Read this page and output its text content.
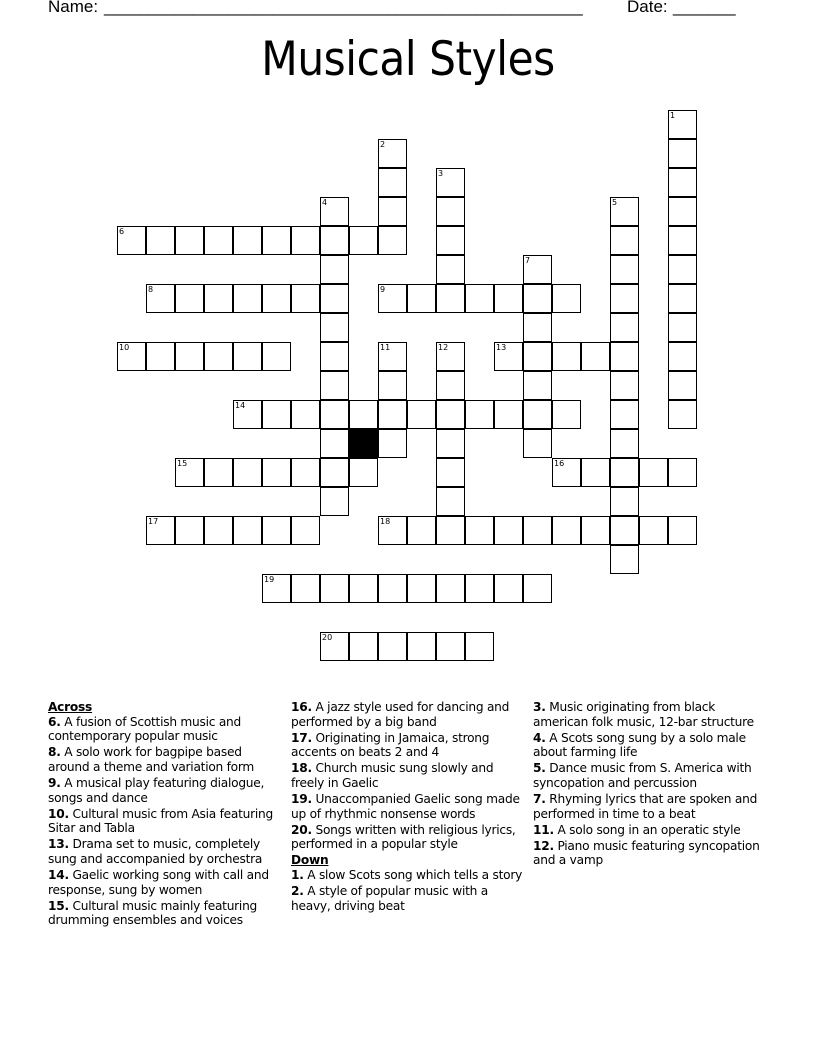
Name: ______________________________________________________	Date: _______
Musical Styles
1
2
3
4	5
6
7
8	9
10	11	12	13
14
15	16
17	18
19
20
Across
6. A fusion of Scottish music and contemporary popular music
8. A solo work for bagpipe based around a theme and variation form
9. A musical play featuring dialogue, songs and dance
10. Cultural music from Asia featuring Sitar and Tabla
13. Drama set to music, completely sung and accompanied by orchestra
14. Gaelic working song with call and response, sung by women
15. Cultural music mainly featuring drumming ensembles and voices
16. A jazz style used for dancing and performed by a big band
17. Originating in Jamaica, strong accents on beats 2 and 4
18. Church music sung slowly and freely in Gaelic
19. Unaccompanied Gaelic song made up of rhythmic nonsense words
20. Songs written with religious lyrics, performed in a popular style
Down
1. A slow Scots song which tells a story
2. A style of popular music with a heavy, driving beat
3. Music originating from black american folk music, 12-bar structure
4. A Scots song sung by a solo male about farming life
5. Dance music from S. America with syncopation and percussion
7. Rhyming lyrics that are spoken and performed in time to a beat
11. A solo song in an operatic style
12. Piano music featuring syncopation and a vamp
